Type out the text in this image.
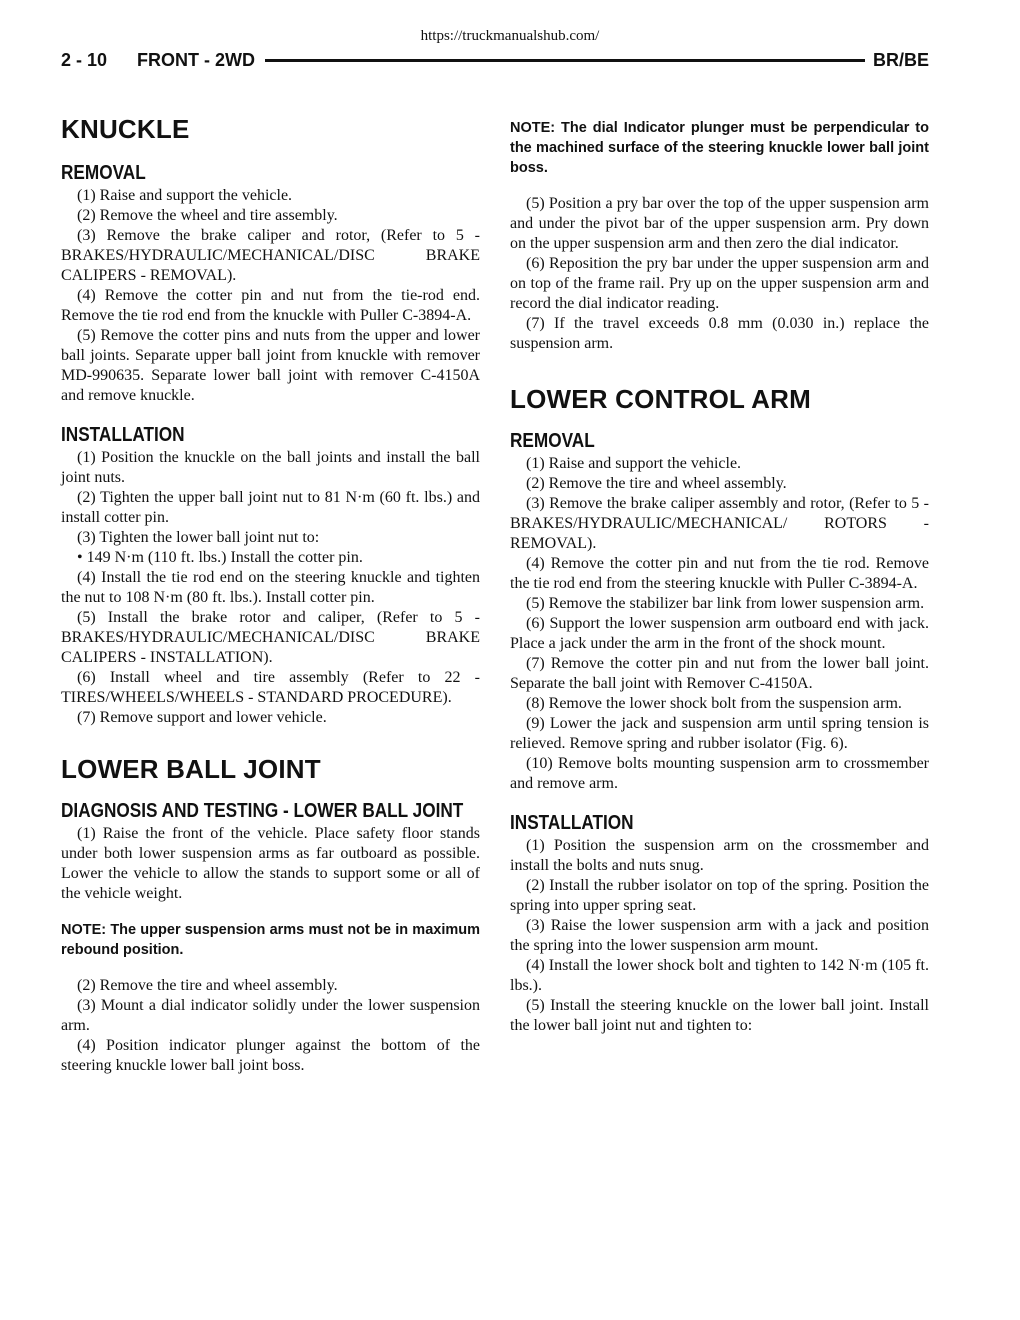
https://truckmanualshub.com/
2 - 10 FRONT - 2WD	BR/BE
KNUCKLE
REMOVAL

(1) Raise and support the vehicle.

(2) Remove the wheel and tire assembly.

(3) Remove the brake caliper and rotor, (Refer to 5 - BRAKES/HYDRAULIC/MECHANICAL/DISC BRAKE CALIPERS - REMOVAL).

(4) Remove the cotter pin and nut from the tie-rod end. Remove the tie rod end from the knuckle with Puller C-3894-A.

(5) Remove the cotter pins and nuts from the upper and lower ball joints. Separate upper ball joint from knuckle with remover MD-990635. Separate lower ball joint with remover C-4150A and remove knuckle.

INSTALLATION

(1) Position the knuckle on the ball joints and install the ball joint nuts.

(2) Tighten the upper ball joint nut to 81 N·m (60 ft. lbs.) and install cotter pin.

(3) Tighten the lower ball joint nut to:

• 149 N·m (110 ft. lbs.) Install the cotter pin.

(4) Install the tie rod end on the steering knuckle and tighten the nut to 108 N·m (80 ft. lbs.). Install cotter pin.

(5) Install the brake rotor and caliper, (Refer to 5 - BRAKES/HYDRAULIC/MECHANICAL/DISC BRAKE CALIPERS - INSTALLATION).

(6) Install wheel and tire assembly (Refer to 22 - TIRES/WHEELS/WHEELS - STANDARD PROCEDURE).

(7) Remove support and lower vehicle.

LOWER BALL JOINT
DIAGNOSIS AND TESTING - LOWER BALL JOINT

(1) Raise the front of the vehicle. Place safety floor stands under both lower suspension arms as far outboard as possible. Lower the vehicle to allow the stands to support some or all of the vehicle weight.

NOTE: The upper suspension arms must not be in maximum rebound position.

(2) Remove the tire and wheel assembly.

(3) Mount a dial indicator solidly under the lower suspension arm.

(4) Position indicator plunger against the bottom of the steering knuckle lower ball joint boss.

NOTE: The dial Indicator plunger must be perpendicular to the machined surface of the steering knuckle lower ball joint boss.

(5) Position a pry bar over the top of the upper suspension arm and under the pivot bar of the upper suspension arm. Pry down on the upper suspension arm and then zero the dial indicator.

(6) Reposition the pry bar under the upper suspension arm and on top of the frame rail. Pry up on the upper suspension arm and record the dial indicator reading.

(7) If the travel exceeds 0.8 mm (0.030 in.) replace the suspension arm.

LOWER CONTROL ARM
REMOVAL

(1) Raise and support the vehicle.

(2) Remove the tire and wheel assembly.

(3) Remove the brake caliper assembly and rotor, (Refer to 5 - BRAKES/HYDRAULIC/MECHANICAL/ ROTORS - REMOVAL).

(4) Remove the cotter pin and nut from the tie rod. Remove the tie rod end from the steering knuckle with Puller C-3894-A.

(5) Remove the stabilizer bar link from lower suspension arm.

(6) Support the lower suspension arm outboard end with jack. Place a jack under the arm in the front of the shock mount.

(7) Remove the cotter pin and nut from the lower ball joint. Separate the ball joint with Remover C-4150A.

(8) Remove the lower shock bolt from the suspension arm.

(9) Lower the jack and suspension arm until spring tension is relieved. Remove spring and rubber isolator (Fig. 6).

(10) Remove bolts mounting suspension arm to crossmember and remove arm.

INSTALLATION

(1) Position the suspension arm on the crossmember and install the bolts and nuts snug.

(2) Install the rubber isolator on top of the spring. Position the spring into upper spring seat.

(3) Raise the lower suspension arm with a jack and position the spring into the lower suspension arm mount.

(4) Install the lower shock bolt and tighten to 142 N·m (105 ft. lbs.).

(5) Install the steering knuckle on the lower ball joint. Install the lower ball joint nut and tighten to:
